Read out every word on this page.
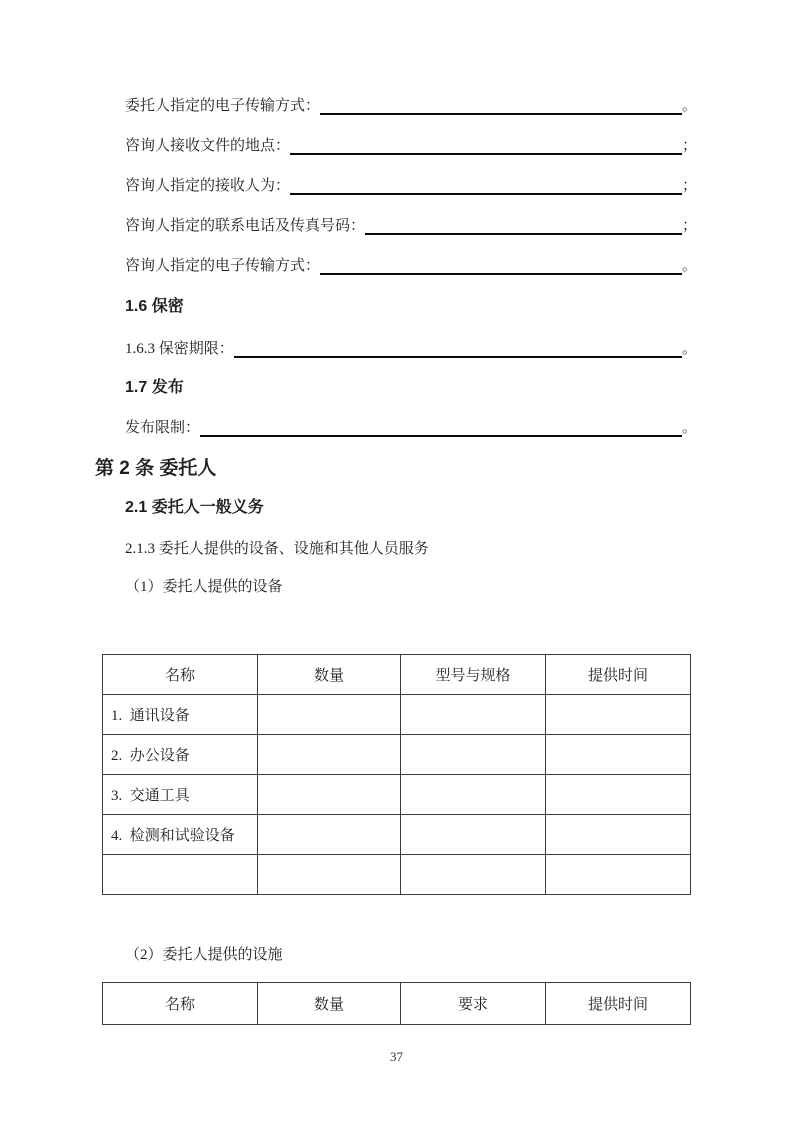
委托人指定的电子传输方式：	。
咨询人接收文件的地点：	；
咨询人指定的接收人为：	；
咨询人指定的联系电话及传真号码：	；
咨询人指定的电子传输方式：	。
1.6 保密
1.6.3 保密期限：	。
1.7 发布
发布限制：	。
第 2 条 委托人
2.1 委托人一般义务

2.1.3 委托人提供的设备、设施和其他人员服务

（1）委托人提供的设备

名称	数量	型号与规格	提供时间
1.  通讯设备			
2.  办公设备			
3.  交通工具			
4.  检测和试验设备			

（2）委托人提供的设施

名称	数量	要求	提供时间
37
